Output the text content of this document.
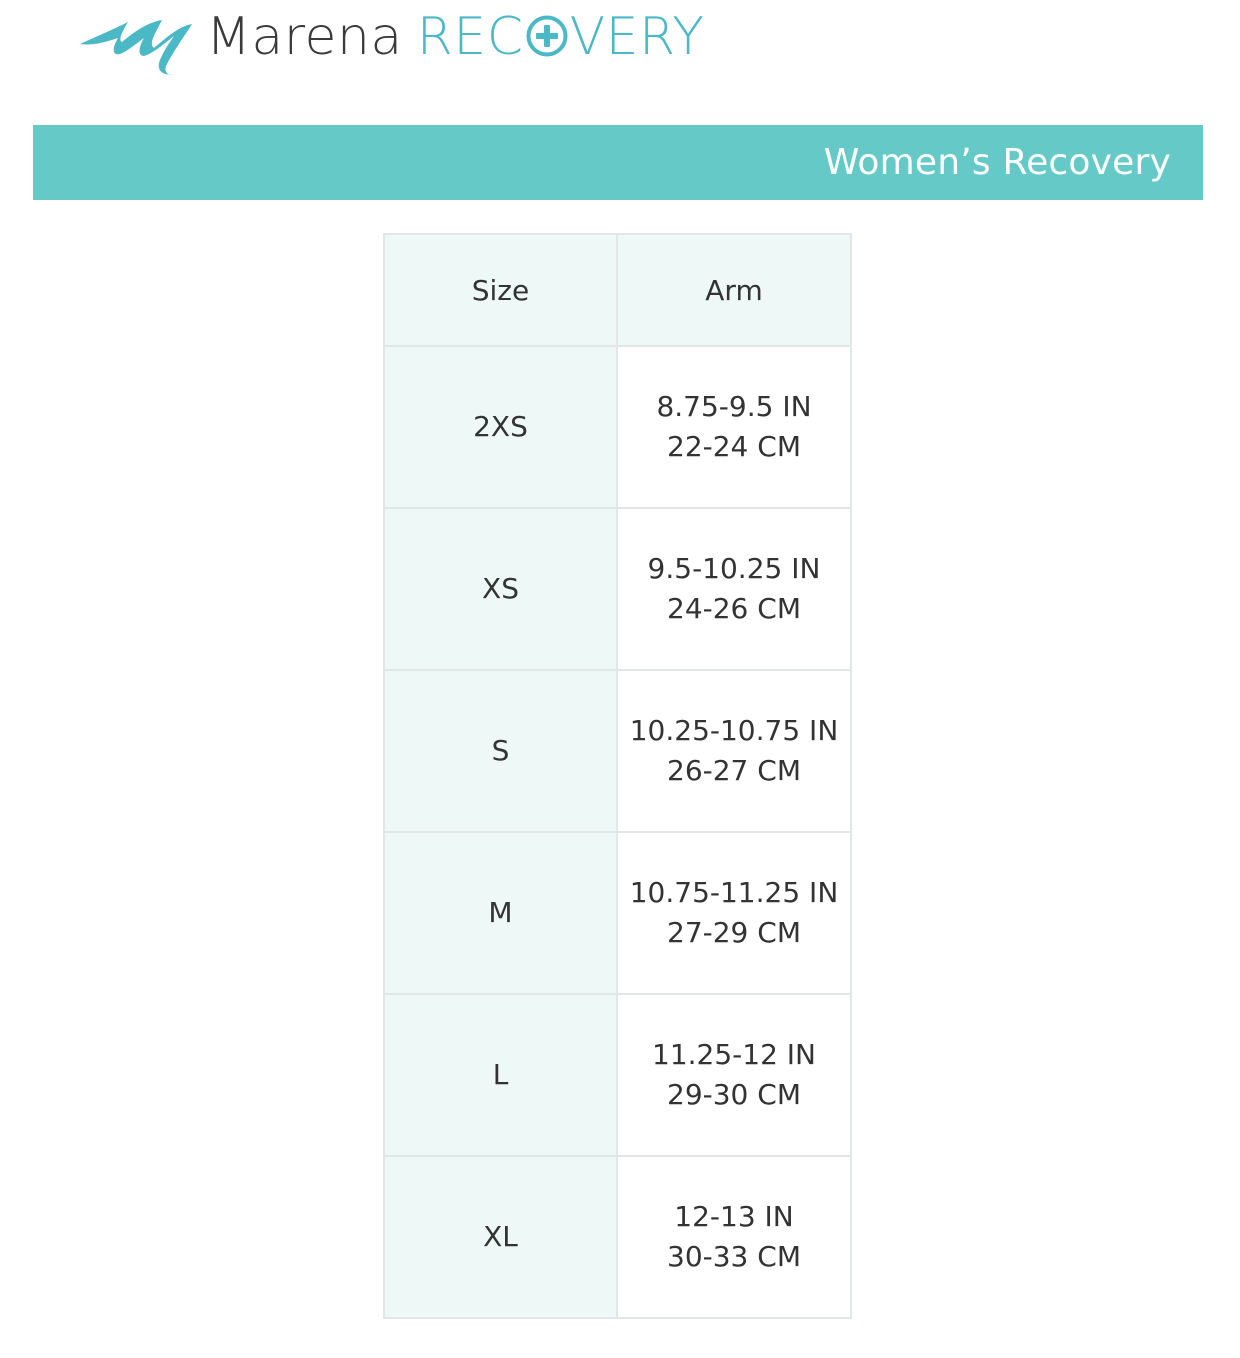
Marena REC VERY
Women’s Recovery
Size	Arm
2XS	8.75-9.5 IN
22-24 CM

XS	9.5-10.25 IN
24-26 CM

S	10.25-10.75 IN
26-27 CM

M	10.75-11.25 IN
27-29 CM

L	11.25-12 IN
29-30 CM

XL	12-13 IN
30-33 CM
